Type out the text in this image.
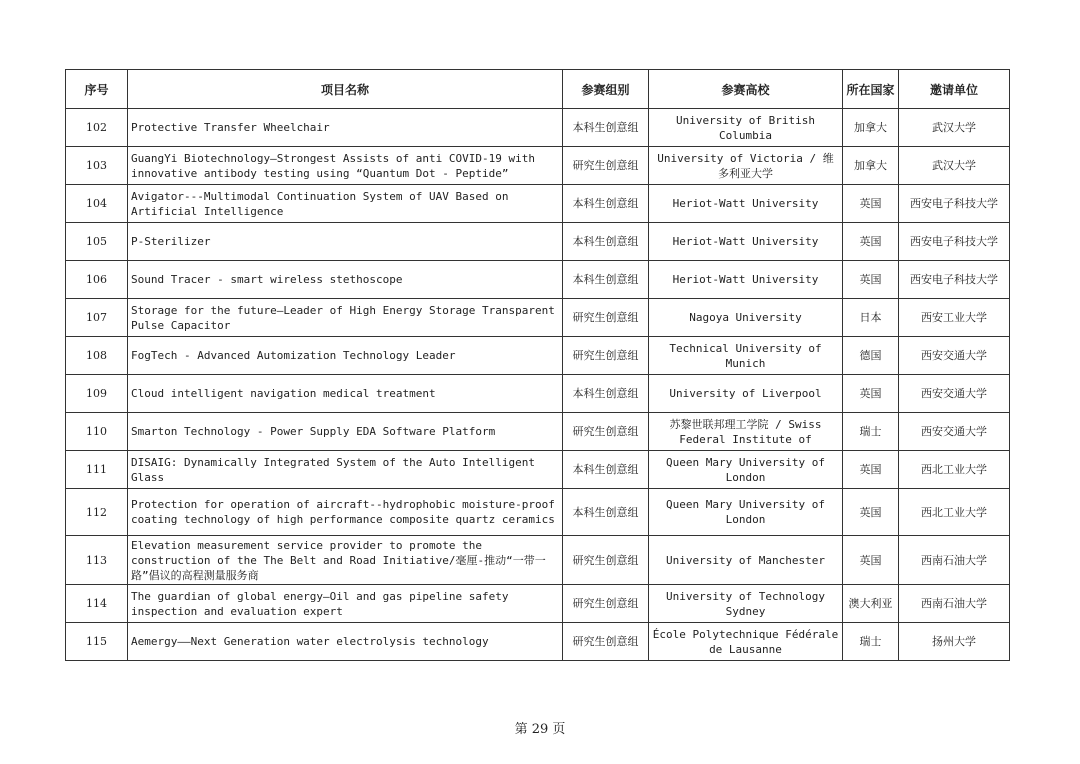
序号	项目名称	参赛组别	参赛高校	所在国家	邀请单位
102	Protective Transfer Wheelchair	本科生创意组	University of British Columbia	加拿大	武汉大学
103	GuangYi Biotechnology—Strongest Assists of anti COVID-19 with innovative antibody testing using “Quantum Dot - Peptide”	研究生创意组	University of Victoria / 维多利亚大学	加拿大	武汉大学
104	Avigator---Multimodal Continuation System of UAV Based on Artificial Intelligence	本科生创意组	Heriot-Watt University	英国	西安电子科技大学
105	P-Sterilizer	本科生创意组	Heriot-Watt University	英国	西安电子科技大学
106	Sound Tracer - smart wireless stethoscope	本科生创意组	Heriot-Watt University	英国	西安电子科技大学
107	Storage for the future—Leader of High Energy Storage Transparent Pulse Capacitor	研究生创意组	Nagoya University	日本	西安工业大学
108	FogTech - Advanced Automization Technology Leader	研究生创意组	Technical University of Munich	德国	西安交通大学
109	Cloud intelligent navigation medical treatment	本科生创意组	University of Liverpool	英国	西安交通大学
110	Smarton Technology - Power Supply EDA Software Platform	研究生创意组	苏黎世联邦理工学院 / Swiss Federal Institute of	瑞士	西安交通大学
111	DISAIG: Dynamically Integrated System of the Auto Intelligent Glass	本科生创意组	Queen Mary University of London	英国	西北工业大学
112	Protection for operation of aircraft--hydrophobic moisture-proof coating technology of high performance composite quartz ceramics	本科生创意组	Queen Mary University of London	英国	西北工业大学
113	Elevation measurement service provider to promote the construction of the The Belt and Road Initiative/毫厘-推动“一带一路”倡议的高程测量服务商	研究生创意组	University of Manchester	英国	西南石油大学
114	The guardian of global energy—Oil and gas pipeline safety inspection and evaluation expert	研究生创意组	University of Technology Sydney	澳大利亚	西南石油大学
115	Aemergy——Next Generation water electrolysis technology	研究生创意组	École Polytechnique Fédérale de Lausanne	瑞士	扬州大学
第 29 页
